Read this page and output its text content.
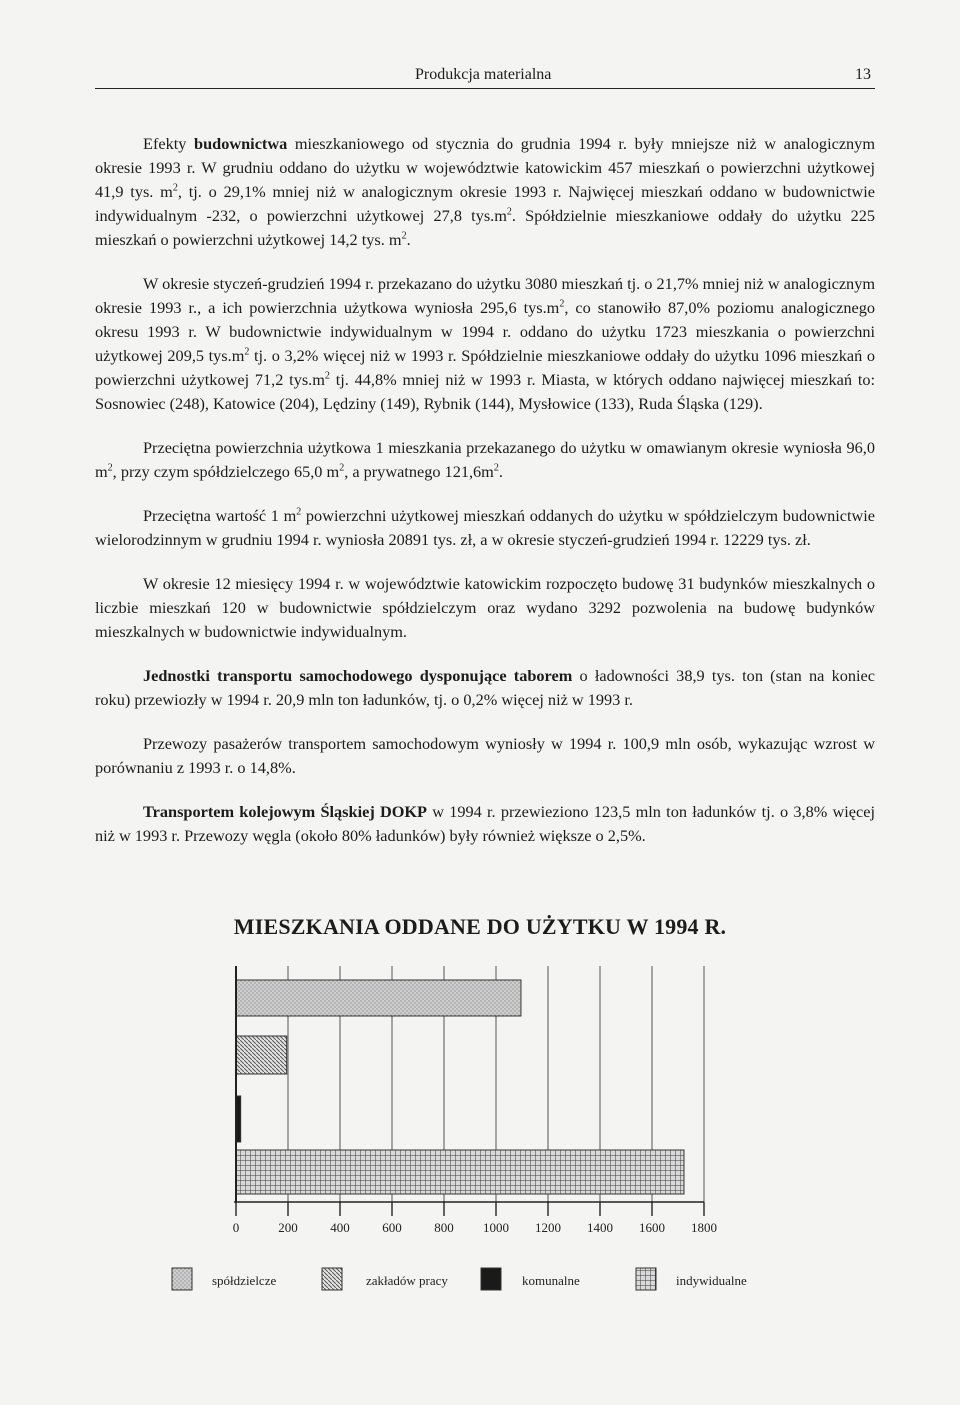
Produkcja materialna	13

Efekty budownictwa mieszkaniowego od stycznia do grudnia 1994 r. były mniejsze niż w analogicznym okresie 1993 r. W grudniu oddano do użytku w województwie katowickim 457 mieszkań o powierzchni użytkowej 41,9 tys. $m^2$, tj. o 29,1% mniej niż w analogicznym okresie 1993 r. Najwięcej mieszkań oddano w budownictwie indywidualnym -232, o powierzchni użytkowej 27,8 $tys.m^2$. Spółdzielnie mieszkaniowe oddały do użytku 225 mieszkań o powierzchni użytkowej 14,2 tys. $m^2$.

W okresie styczeń-grudzień 1994 r. przekazano do użytku 3080 mieszkań tj. o 21,7% mniej niż w analogicznym okresie 1993 r., a ich powierzchnia użytkowa wyniosła 295,6 $tys.m^2$, co stanowiło 87,0% poziomu analogicznego okresu 1993 r. W budownictwie indywidualnym w 1994 r. oddano do użytku 1723 mieszkania o powierzchni użytkowej 209,5 $tys.m^2$ tj. o 3,2% więcej niż w 1993 r. Spółdzielnie mieszkaniowe oddały do użytku 1096 mieszkań o powierzchni użytkowej 71,2 $tys.m^2$ tj. 44,8% mniej niż w 1993 r. Miasta, w których oddano najwięcej mieszkań to: Sosnowiec (248), Katowice (204), Lędziny (149), Rybnik (144), Mysłowice (133), Ruda Śląska (129).

Przeciętna powierzchnia użytkowa 1 mieszkania przekazanego do użytku w omawianym okresie wyniosła 96,0 $m^2$, przy czym spółdzielczego 65,0 $m^2$, a prywatnego $121,6m^2$.

Przeciętna wartość 1 $m^2$ powierzchni użytkowej mieszkań oddanych do użytku w spółdzielczym budownictwie wielorodzinnym w grudniu 1994 r. wyniosła 20891 tys. zł, a w okresie styczeń-grudzień 1994 r. 12229 tys. zł.

W okresie 12 miesięcy 1994 r. w województwie katowickim rozpoczęto budowę 31 budynków mieszkalnych o liczbie mieszkań 120 w budownictwie spółdzielczym oraz wydano 3292 pozwolenia na budowę budynków mieszkalnych w budownictwie indywidualnym.

Jednostki transportu samochodowego dysponujące taborem o ładowności 38,9 tys. ton (stan na koniec roku) przewiozły w 1994 r. 20,9 mln ton ładunków, tj. o 0,2% więcej niż w 1993 r.

Przewozy pasażerów transportem samochodowym wyniosły w 1994 r. 100,9 mln osób, wykazując wzrost w porównaniu z 1993 r. o 14,8%.

Transportem kolejowym Śląskiej DOKP w 1994 r. przewieziono 123,5 mln ton ładunków tj. o 3,8% więcej niż w 1993 r. Przewozy węgla (około 80% ładunków) były również większe o 2,5%.

MIESZKANIA ODDANE DO UŻYTKU W 1994 R.
0	200	400	600	800 1000 1200 1400 1600 1800
spółdzielcze	zakładów pracy	komunalne	indywidualne
